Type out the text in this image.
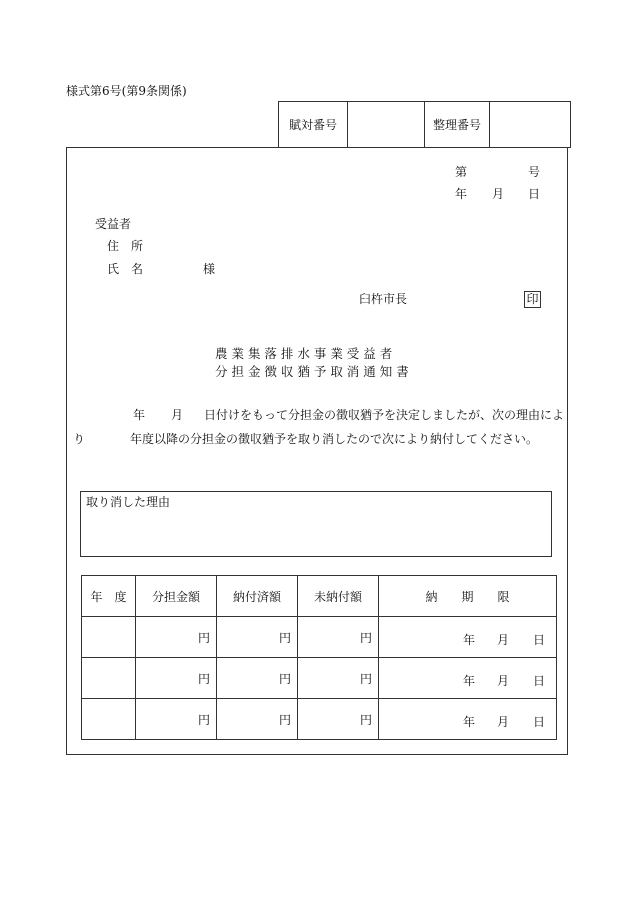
様式第6号(第9条関係)
賦対番号		整理番号	
第	号
年 月 日
受益者
住　所
氏　名	様
臼杵市長	印
農 業 集 落 排 水 事 業 受 益 者
分 担 金 徴 収 猶 予 取 消 通 知 書
年 月 日付けをもって分担金の徴収猶予を決定しましたが、次の理由によ
り	年度以降の分担金の徴収猶予を取り消したので次により納付してください。
取り消した理由
年　度	分担金額	納付済額	未納付額	納　　期　　限
	円	円	円	年 月 日

	円	円	円	年 月 日

	円	円	円	年 月 日
